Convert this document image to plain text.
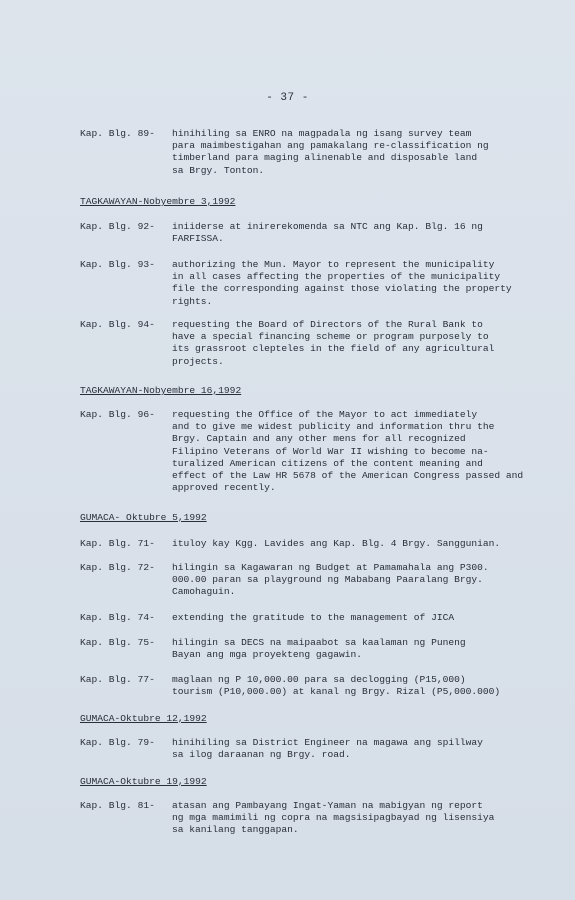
- 37 -
Kap. Blg. 89-	hinihiling sa ENRO na magpadala ng isang survey team
para maimbestigahan ang pamakalang re-classification ng
timberland para maging alinenable and disposable land
sa Brgy. Tonton.
TAGKAWAYAN-Nobyembre 3,1992
Kap. Blg. 92-	iniiderse at inirerekomenda sa NTC ang Kap. Blg. 16 ng
FARFISSA.
Kap. Blg. 93-	authorizing the Mun. Mayor to represent the municipality
in all cases affecting the properties of the municipality
file the corresponding against those violating the property
rights.
Kap. Blg. 94-	requesting the Board of Directors of the Rural Bank to
have a special financing scheme or program purposely to
its grassroot clepteles in the field of any agricultural
projects.
TAGKAWAYAN-Nobyembre 16,1992
Kap. Blg. 96-	requesting the Office of the Mayor to act immediately
and to give me widest publicity and information thru the
Brgy. Captain and any other mens for all recognized
Filipino Veterans of World War II wishing to become na-
turalized American citizens of the content meaning and
effect of the Law HR 5678 of the American Congress passed and
approved recently.
GUMACA- Oktubre 5,1992
Kap. Blg. 71-	ituloy kay Kgg. Lavides ang Kap. Blg. 4 Brgy. Sanggunian.
Kap. Blg. 72-	hilingin sa Kagawaran ng Budget at Pamamahala ang P300.
000.00 paran sa playground ng Mababang Paaralang Brgy.
Camohaguin.
Kap. Blg. 74-	extending the gratitude to the management of JICA
Kap. Blg. 75-	hilingin sa DECS na maipaabot sa kaalaman ng Puneng
Bayan ang mga proyekteng gagawin.
Kap. Blg. 77-	maglaan ng P 10,000.00 para sa declogging (P15,000)
tourism (P10,000.00) at kanal ng Brgy. Rizal (P5,000.000)
GUMACA-Oktubre 12,1992
Kap. Blg. 79-	hinihiling sa District Engineer na magawa ang spillway
sa ilog daraanan ng Brgy. road.
GUMACA-Oktubre 19,1992
Kap. Blg. 81-	atasan ang Pambayang Ingat-Yaman na mabigyan ng report
ng mga mamimili ng copra na magsisipagbayad ng lisensiya
sa kanilang tanggapan.
